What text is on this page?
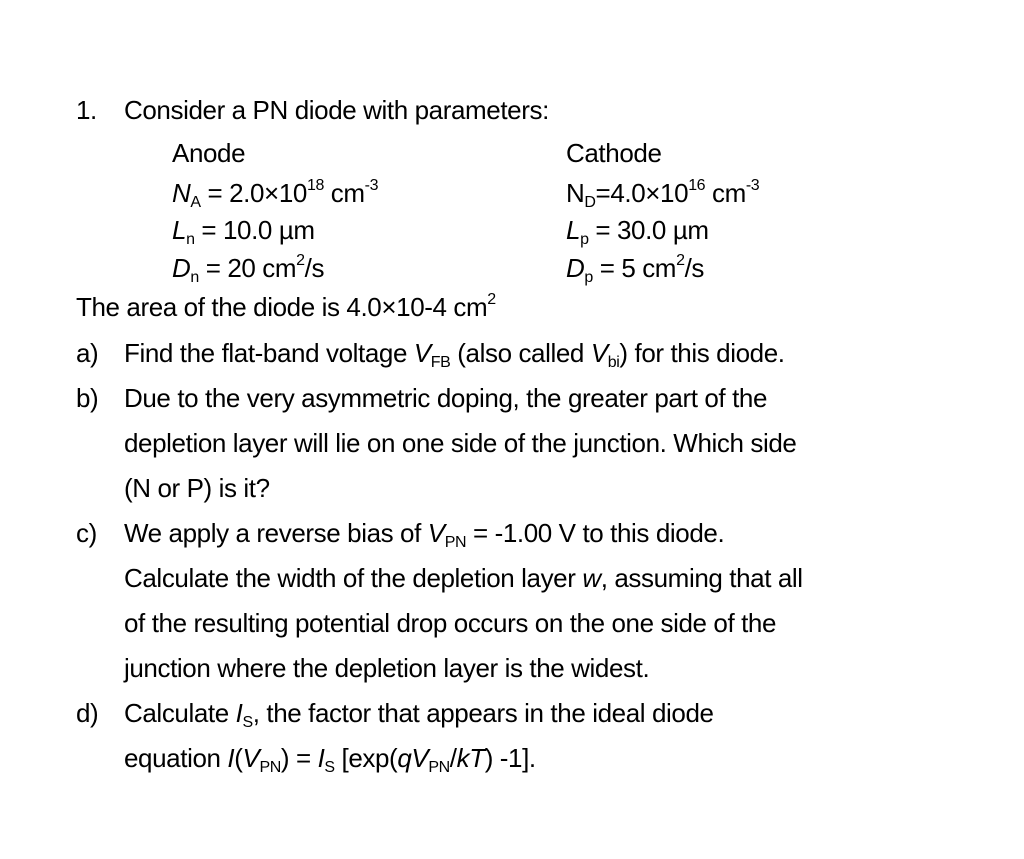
1. Consider a PN diode with parameters:
Anode
$N_A = 2.0\times 10^{18}$ $cm^{-3}$
$L_n = 10.0$ µm
$D_n = 20$ $cm^2/s$
Cathode
$N_D=4.0\times 10^{16}$ $cm^{-3}$
$L_p = 30.0$ µm
$D_p = 5$ $cm^2/s$
The area of the diode is 4.0×10-4 $cm^2$
a) Find the flat-band voltage $V_{FB}$ (also called $V_{bi}$) for this diode.
b) Due to the very asymmetric doping, the greater part of the
depletion layer will lie on one side of the junction. Which side
(N or P) is it?
c) We apply a reverse bias of $V_{PN} = -1.00$ V to this diode.
Calculate the width of the depletion layer w, assuming that all
of the resulting potential drop occurs on the one side of the
junction where the depletion layer is the widest.
d) Calculate $I_S$, the factor that appears in the ideal diode
equation $I(V_{PN}) = I_S$ [$\exp(qV_{PN}/kT)$ -1].
